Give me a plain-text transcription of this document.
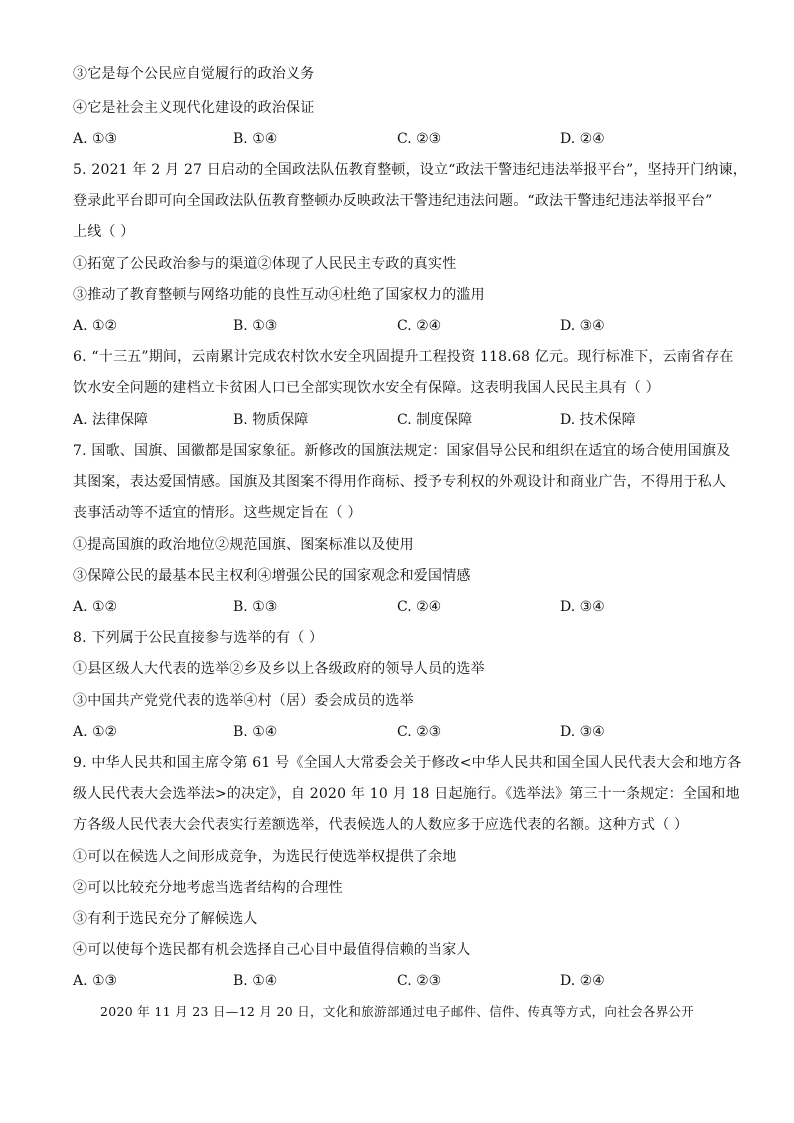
③它是每个公民应自觉履行的政治义务
④它是社会主义现代化建设的政治保证
A. ①③	B. ①④	C. ②③	D. ②④
5. 2021 年 2 月 27 日启动的全国政法队伍教育整顿，设立“政法干警违纪违法举报平台”，坚持开门纳谏，
登录此平台即可向全国政法队伍教育整顿办反映政法干警违纪违法问题。“政法干警违纪违法举报平台”
上线（ ）
①拓宽了公民政治参与的渠道②体现了人民民主专政的真实性
③推动了教育整顿与网络功能的良性互动④杜绝了国家权力的滥用
A. ①②	B. ①③	C. ②④	D. ③④
6. “十三五”期间，云南累计完成农村饮水安全巩固提升工程投资 118.68 亿元。现行标准下，云南省存在
饮水安全问题的建档立卡贫困人口已全部实现饮水安全有保障。这表明我国人民民主具有（ ）
A. 法律保障	B. 物质保障	C. 制度保障	D. 技术保障
7. 国歌、国旗、国徽都是国家象征。新修改的国旗法规定：国家倡导公民和组织在适宜的场合使用国旗及
其图案，表达爱国情感。国旗及其图案不得用作商标、授予专利权的外观设计和商业广告，不得用于私人
丧事活动等不适宜的情形。这些规定旨在（ ）
①提高国旗的政治地位②规范国旗、图案标准以及使用
③保障公民的最基本民主权利④增强公民的国家观念和爱国情感
A. ①②	B. ①③	C. ②④	D. ③④
8. 下列属于公民直接参与选举的有（ ）
①县区级人大代表的选举②乡及乡以上各级政府的领导人员的选举
③中国共产党党代表的选举④村（居）委会成员的选举
A. ①②	B. ①④	C. ②③	D. ③④
9. 中华人民共和国主席令第 61 号《全国人大常委会关于修改<中华人民共和国全国人民代表大会和地方各
级人民代表大会选举法>的决定》，自 2020 年 10 月 18 日起施行。《选举法》第三十一条规定：全国和地
方各级人民代表大会代表实行差额选举，代表候选人的人数应多于应选代表的名额。这种方式（ ）
①可以在候选人之间形成竞争，为选民行使选举权提供了余地
②可以比较充分地考虑当选者结构的合理性
③有利于选民充分了解候选人
④可以使每个选民都有机会选择自己心目中最值得信赖的当家人
A. ①③	B. ①④	C. ②③	D. ②④
2020 年 11 月 23 日—12 月 20 日，文化和旅游部通过电子邮件、信件、传真等方式，向社会各界公开
